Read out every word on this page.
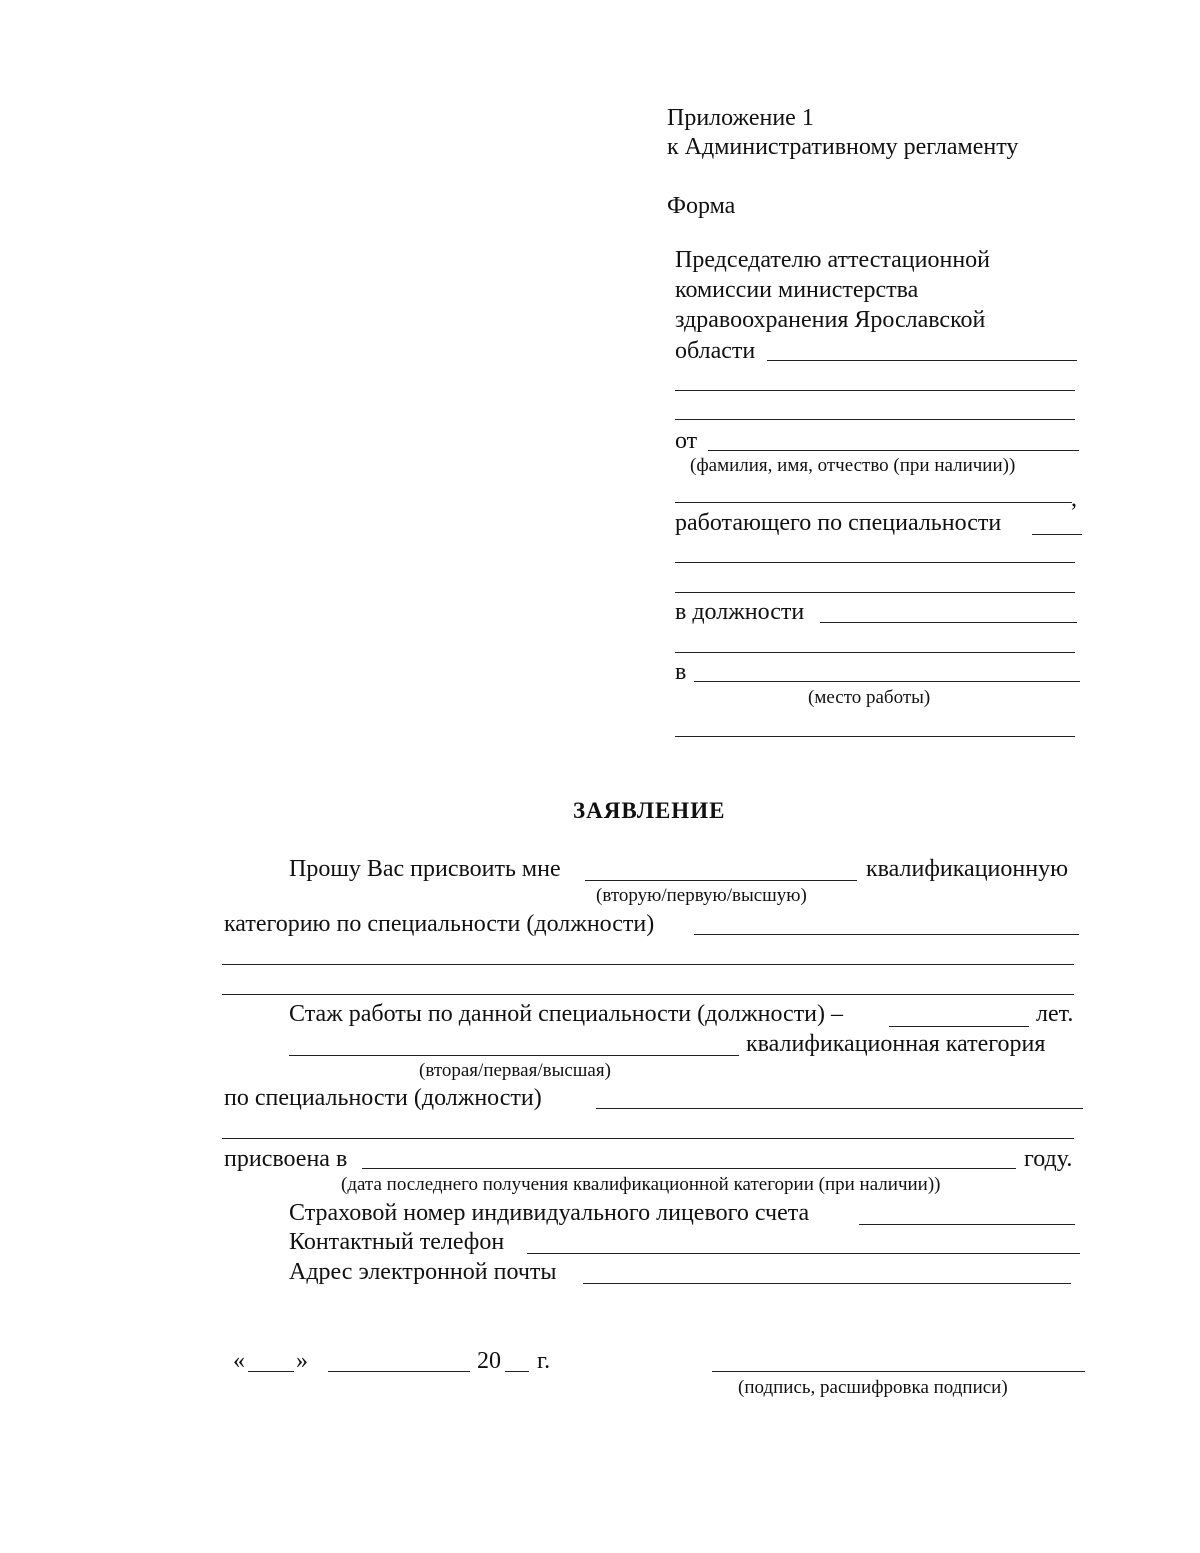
Приложение 1
к Административному регламенту
Форма
Председателю аттестационной
комиссии министерства
здравоохранения Ярославской
области
от
(фамилия, имя, отчество (при наличии))
,
работающего по специальности
в должности
в
(место работы)
ЗАЯВЛЕНИЕ
Прошу Вас присвоить мне	квалификационную
(вторую/первую/высшую)
категорию по специальности (должности)
Стаж работы по данной специальности (должности) –	лет.
квалификационная категория
(вторая/первая/высшая)
по специальности (должности)
присвоена в	году.
(дата последнего получения квалификационной категории (при наличии))
Страховой номер индивидуального лицевого счета
Контактный телефон
Адрес электронной почты
« »	20 г.
(подпись, расшифровка подписи)
